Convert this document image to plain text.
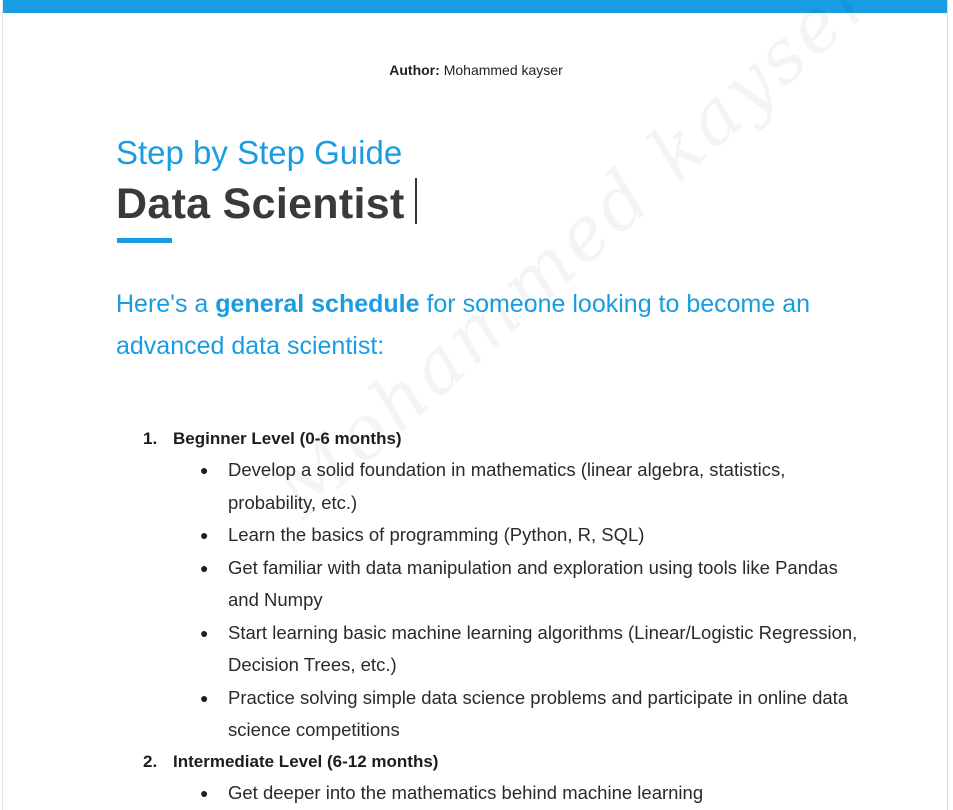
Author: Mohammed kayser
Step by Step Guide
Data Scientist
Here's a general schedule for someone looking to become an advanced data scientist:

1. Beginner Level (0-6 months)

● Develop a solid foundation in mathematics (linear algebra, statistics, probability, etc.)
● Learn the basics of programming (Python, R, SQL)
● Get familiar with data manipulation and exploration using tools like Pandas and Numpy
● Start learning basic machine learning algorithms (Linear/Logistic Regression, Decision Trees, etc.)
● Practice solving simple data science problems and participate in online data science competitions

2. Intermediate Level (6-12 months)

● Get deeper into the mathematics behind machine learning
